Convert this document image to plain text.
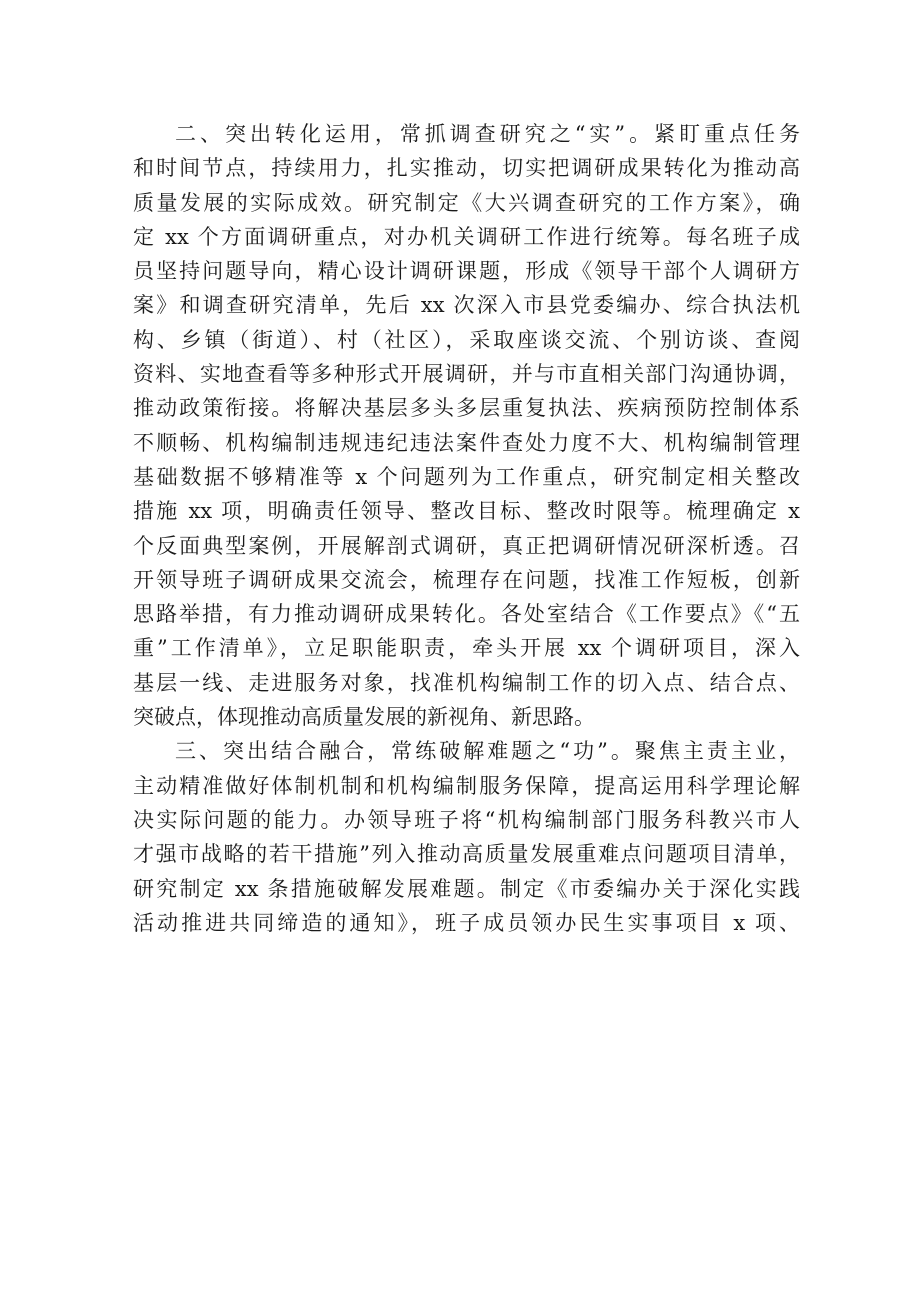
二、突出转化运用，常抓调查研究之“实”。紧盯重点任务
和时间节点，持续用力，扎实推动，切实把调研成果转化为推动高
质量发展的实际成效。研究制定《大兴调查研究的工作方案》，确
定 xx 个方面调研重点，对办机关调研工作进行统筹。每名班子成
员坚持问题导向，精心设计调研课题，形成《领导干部个人调研方
案》和调查研究清单，先后 xx 次深入市县党委编办、综合执法机
构、乡镇（街道）、村（社区），采取座谈交流、个别访谈、查阅
资料、实地查看等多种形式开展调研，并与市直相关部门沟通协调，
推动政策衔接。将解决基层多头多层重复执法、疾病预防控制体系
不顺畅、机构编制违规违纪违法案件查处力度不大、机构编制管理
基础数据不够精准等 x 个问题列为工作重点，研究制定相关整改
措施 xx 项，明确责任领导、整改目标、整改时限等。梳理确定 x
个反面典型案例，开展解剖式调研，真正把调研情况研深析透。召
开领导班子调研成果交流会，梳理存在问题，找准工作短板，创新
思路举措，有力推动调研成果转化。各处室结合《工作要点》《“五
重”工作清单》，立足职能职责，牵头开展 xx 个调研项目，深入
基层一线、走进服务对象，找准机构编制工作的切入点、结合点、
突破点，体现推动高质量发展的新视角、新思路。
三、突出结合融合，常练破解难题之“功”。聚焦主责主业，
主动精准做好体制机制和机构编制服务保障，提高运用科学理论解
决实际问题的能力。办领导班子将“机构编制部门服务科教兴市人
才强市战略的若干措施”列入推动高质量发展重难点问题项目清单，
研究制定 xx 条措施破解发展难题。制定《市委编办关于深化实践
活动推进共同缔造的通知》，班子成员领办民生实事项目 x 项、
